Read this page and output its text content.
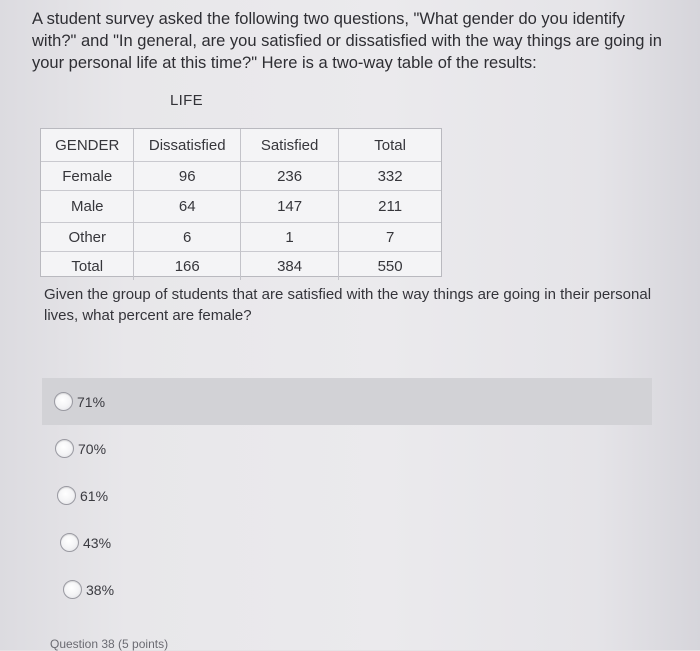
A student survey asked the following two questions, "What gender do you identify with?" and "In general, are you satisfied or dissatisfied with the way things are going in your personal life at this time?" Here is a two-way table of the results:
LIFE
GENDER	Dissatisfied	Satisfied	Total
Female	96	236	332
Male	64	147	211
Other	6	1	7
Total	166	384	550
Given the group of students that are satisfied with the way things are going in their personal lives, what percent are female?
71%
70%
61%
43%
38%
Question 38 (5 points)
